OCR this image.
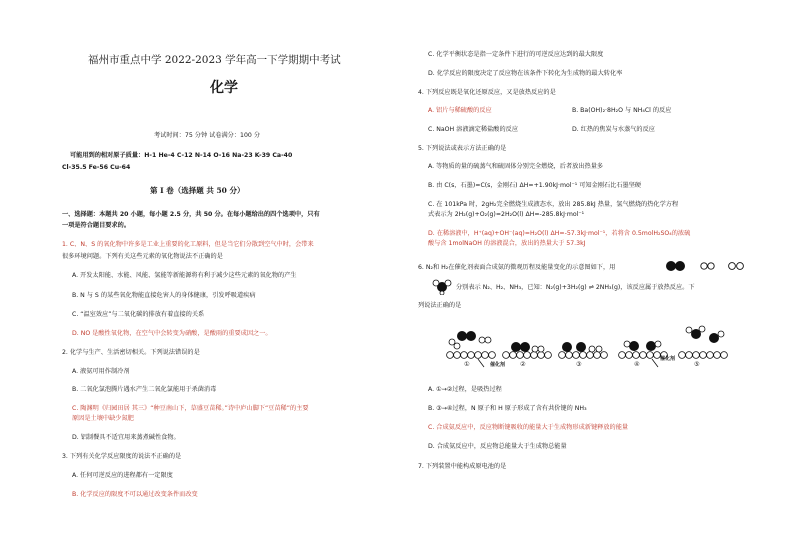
福州市重点中学 2022-2023 学年高一下学期期中考试
化学
考试时间：75 分钟 试卷满分：100 分
可能用到的相对原子质量：H-1 He-4 C-12 N-14 O-16 Na-23 K-39 Ca-40
Cl-35.5 Fe-56 Cu-64
第 I 卷（选择题 共 50 分）
一、选择题：本题共 20 小题，每小题 2.5 分，共 50 分。在每小题给出的四个选项中，只有
一项是符合题目要求的。
1. C、N、S 的氧化物中许多是工业上重要的化工原料，但是当它们分散到空气中时，会带来
很多环境问题。下列有关这些元素的氧化物说法不正确的是
A. 开发太阳能、水能、风能、氢能等新能源将有利于减少这些元素的氧化物的产生
B. N 与 S 的某些氧化物能直接危害人的身体健康，引发呼吸道疾病
C. “温室效应”与二氧化碳的排放有着直接的关系
D. NO 是酸性氧化物，在空气中会转变为硝酸，是酸雨的重要成因之一。
2. 化学与生产、生活密切相关。下列说法错误的是
A. 液氨可用作制冷剂
B. 二氧化氯泡腾片遇水产生二氧化氯能用于杀菌消毒
C. 陶渊明《归园田居 其三》“种豆南山下，草盛豆苗稀。”诗中庐山脚下“豆苗稀”的主要
原因是土壤中缺少氮肥
D. 铝制餐具不适宜用来蒸煮碱性食物。
3. 下列有关化学反应限度的说法不正确的是
A. 任何可逆反应的进程都有一定限度
B. 化学反应的限度不可以通过改变条件而改变
C. 化学平衡状态是指一定条件下进行的可逆反应达到的最大限度
D. 化学反应的限度决定了反应物在该条件下转化为生成物的最大转化率
4. 下列反应既是氧化还原反应，又是放热反应的是
A. 铝片与稀硫酸的反应	B. Ba(OH)₂·8H₂O 与 NH₄Cl 的反应
C. NaOH 溶液滴定稀盐酸的反应	D. 红热的焦炭与水蒸气的反应
5. 下列说法或表示方法正确的是
A. 等物质的量的硫蒸气和硫固体分别完全燃烧，后者放出热量多
B. 由 C(s，石墨)=C(s，金刚石) ΔH=+1.90kJ·mol⁻¹ 可知金刚石比石墨坚硬
C. 在 101kPa 时，2gH₂完全燃烧生成液态水，放出 285.8kJ 热量，氢气燃烧的热化学方程
式表示为 2H₂(g)+O₂(g)=2H₂O(l) ΔH=-285.8kJ·mol⁻¹
D. 在稀溶液中，H⁺(aq)+OH⁻(aq)=H₂O(l) ΔH=-57.3kJ·mol⁻¹，若将含 0.5molH₂SO₄的浓硫
酸与含 1molNaOH 的溶液混合，放出的热量大于 57.3kJ
6. N₂和 H₂在催化剂表面合成氨的微观历程及能量变化的示意图如下，用
分别表示 N₂、H₂、NH₃，已知：N₂(g)+3H₂(g) ⇌ 2NH₃(g)，该反应属于放热反应。下
列说法正确的是
①	②	③	④	⑤
催化剂
催化剂
A. ①→②过程，是吸热过程
B. ③→④过程，N 原子和 H 原子形成了含有共价键的 NH₃
C. 合成氨反应中，反应物断键吸收的能量大于生成物形成新键释放的能量
D. 合成氨反应中，反应物总能量大于生成物总能量
7. 下列装置中能构成原电池的是
